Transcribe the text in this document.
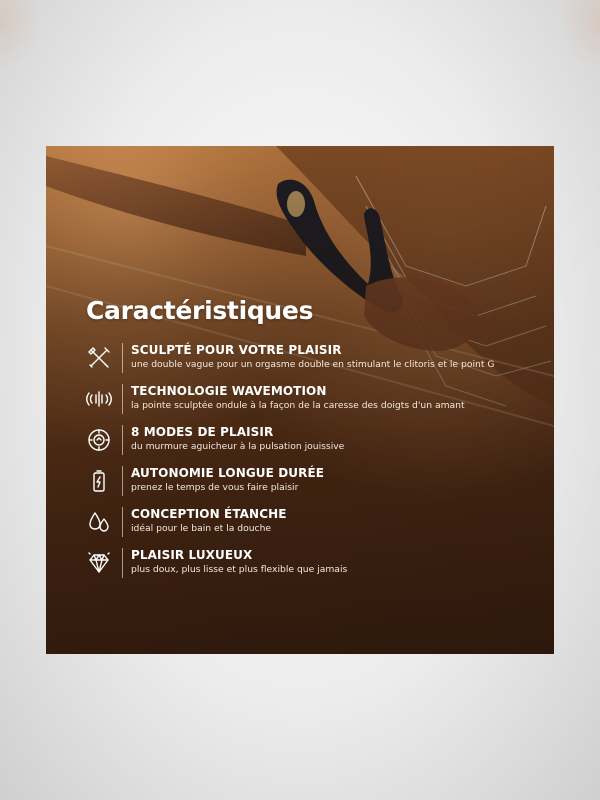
Caractéristiques
SCULPTÉ POUR VOTRE PLAISIR
une double vague pour un orgasme double en stimulant le clitoris et le point G
TECHNOLOGIE WAVEMOTION
la pointe sculptée ondule à la façon de la caresse des doigts d'un amant
8 MODES DE PLAISIR
du murmure aguicheur à la pulsation jouissive
AUTONOMIE LONGUE DURÉE
prenez le temps de vous faire plaisir
CONCEPTION ÉTANCHE
idéal pour le bain et la douche
PLAISIR LUXUEUX
plus doux, plus lisse et plus flexible que jamais
